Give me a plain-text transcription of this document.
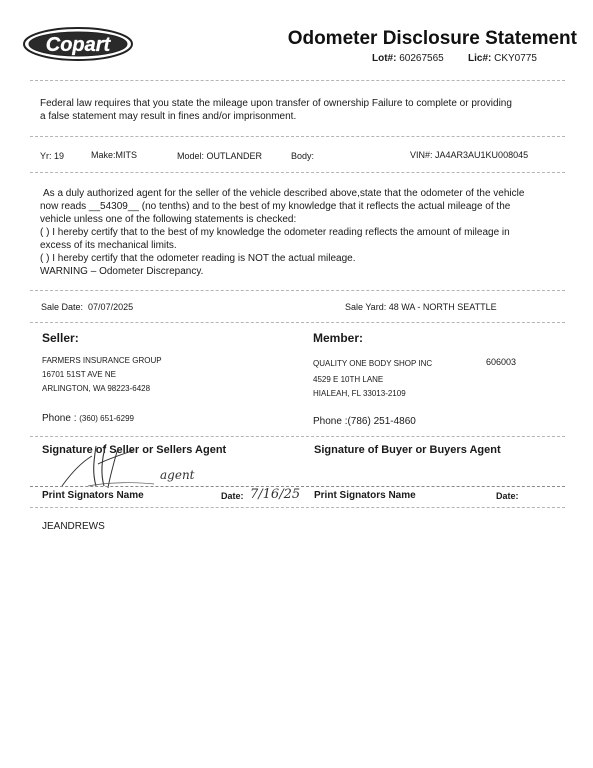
Copart	Odometer Disclosure Statement
Lot#: 60267565 Lic#: CKY0775
Federal law requires that you state the mileage upon transfer of ownership Failure to complete or providing
a false statement may result in fines and/or imprisonment.
Yr: 19	Make:MITS	Model: OUTLANDER	Body:	VIN#: JA4AR3AU1KU008045
As a duly authorized agent for the seller of the vehicle described above,state that the odometer of the vehicle
now reads __54309__ (no tenths) and to the best of my knowledge that it reflects the actual mileage of the
vehicle unless one of the following statements is checked:
( ) I hereby certify that to the best of my knowledge the odometer reading reflects the amount of mileage in
excess of its mechanical limits.
( ) I hereby certify that the odometer reading is NOT the actual mileage.
WARNING – Odometer Discrepancy.
Sale Date: 07/07/2025	Sale Yard: 48 WA - NORTH SEATTLE
Seller:	Member:
FARMERS INSURANCE GROUP
16701 51ST AVE NE
ARLINGTON, WA 98223-6428
Phone : (360) 651-6299
QUALITY ONE BODY SHOP INC	606003
4529 E 10TH LANE
HIALEAH, FL 33013-2109
Phone :(786) 251-4860
Signature of Seller or Sellers Agent	Signature of Buyer or Buyers Agent
agent
Print Signators Name	Date: 7/16/25 Print Signators Name	Date:
JEANDREWS
